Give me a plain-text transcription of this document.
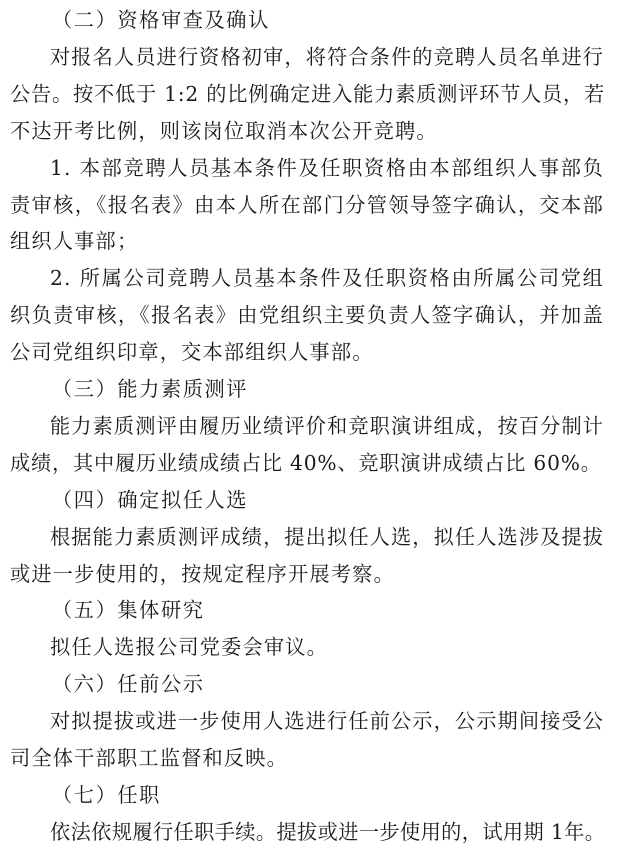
（二）资格审查及确认
对报名人员进行资格初审，将符合条件的竞聘人员名单进行
公告。按不低于 1:2 的比例确定进入能力素质测评环节人员，若
不达开考比例，则该岗位取消本次公开竞聘。
1. 本部竞聘人员基本条件及任职资格由本部组织人事部负
责审核，《报名表》由本人所在部门分管领导签字确认，交本部
组织人事部；
2. 所属公司竞聘人员基本条件及任职资格由所属公司党组
织负责审核，《报名表》由党组织主要负责人签字确认，并加盖
公司党组织印章，交本部组织人事部。
（三）能力素质测评
能力素质测评由履历业绩评价和竞职演讲组成，按百分制计
成绩，其中履历业绩成绩占比 40%、竞职演讲成绩占比 60%。
（四）确定拟任人选
根据能力素质测评成绩，提出拟任人选，拟任人选涉及提拔
或进一步使用的，按规定程序开展考察。
（五）集体研究
拟任人选报公司党委会审议。
（六）任前公示
对拟提拔或进一步使用人选进行任前公示，公示期间接受公
司全体干部职工监督和反映。
（七）任职
依法依规履行任职手续。提拔或进一步使用的，试用期 1年。
